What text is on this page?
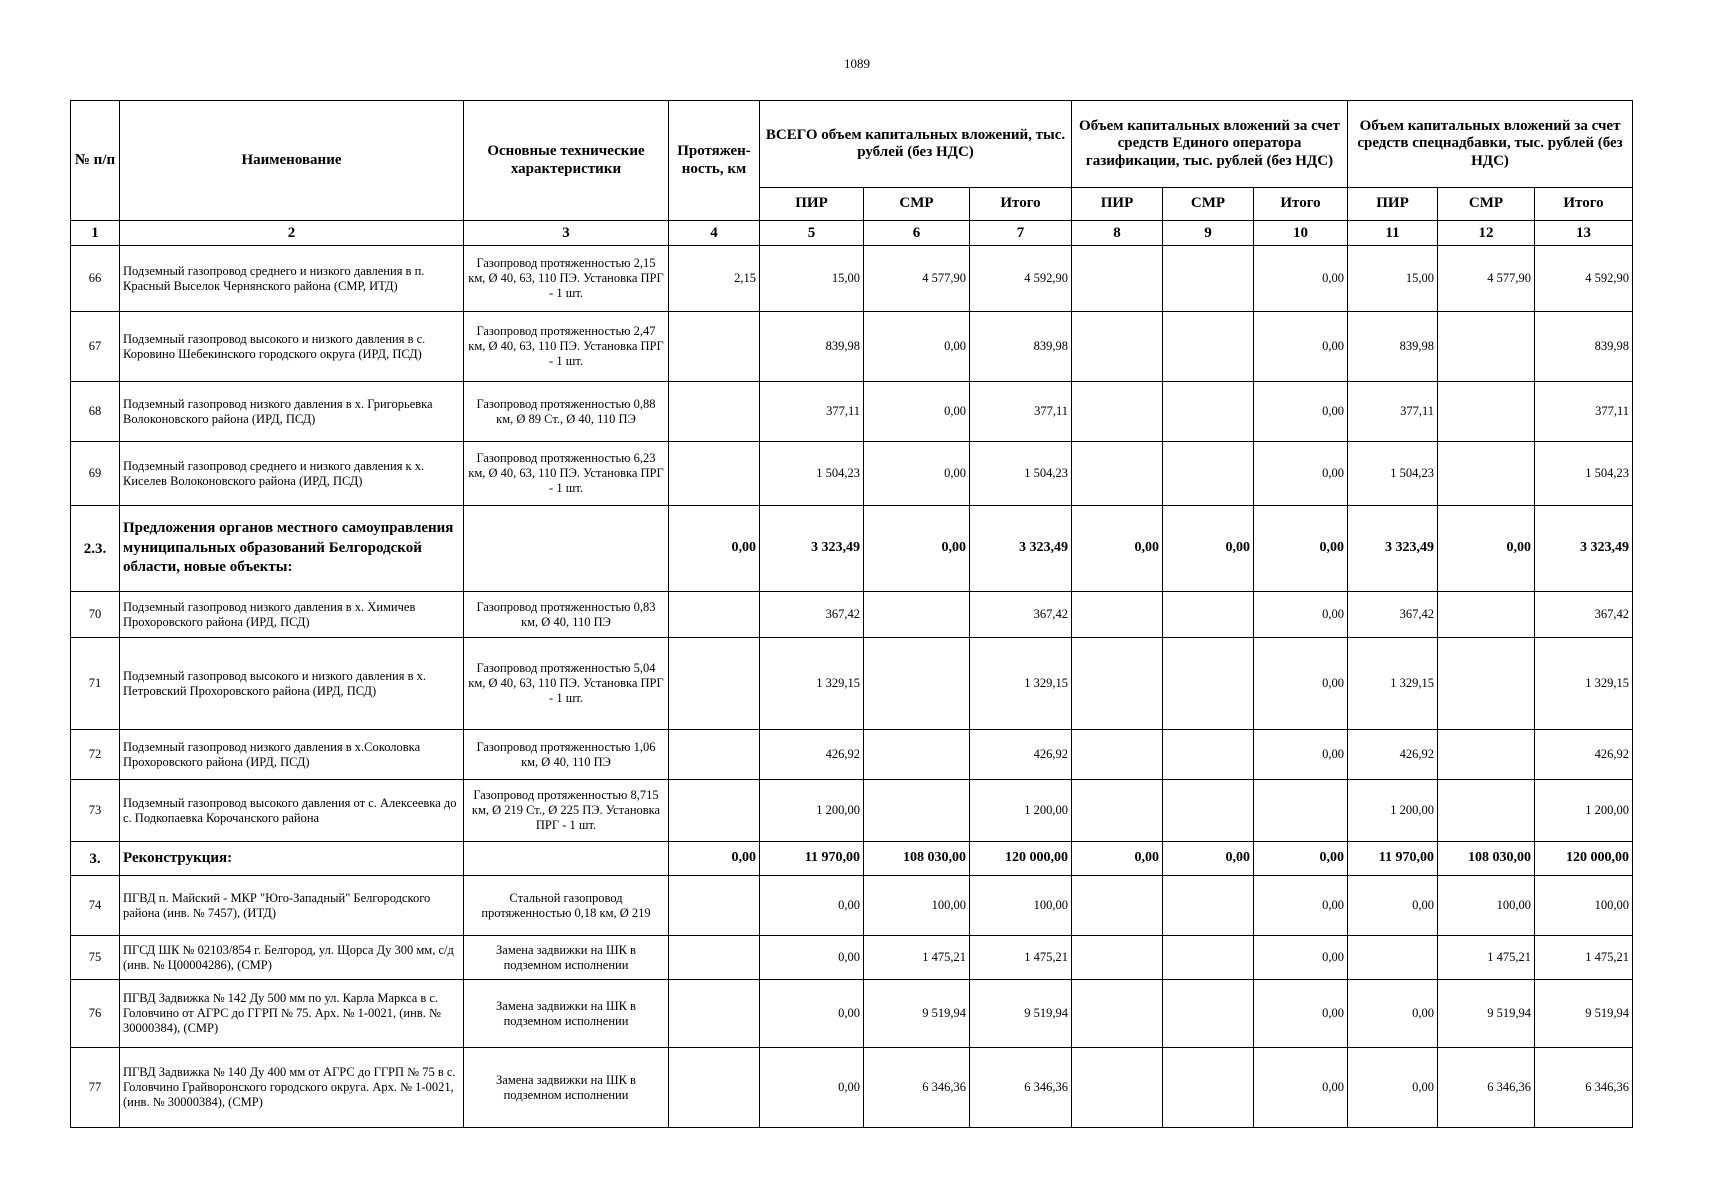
1089
№ п/п	Наименование	Основные технические характеристики	Протяжен-ность, км	ВСЕГО объем капитальных вложений, тыс. рублей (без НДС)			Объем капитальных вложений за счет средств Единого оператора газификации, тыс. рублей (без НДС)			Объем капитальных вложений за счет средств спецнадбавки, тыс. рублей (без НДС)		
				ПИР	СМР	Итого	ПИР	СМР	Итого	ПИР	СМР	Итого
1	2	3	4	5	6	7	8	9	10	11	12	13
66	Подземный газопровод среднего и низкого давления в п. Красный Выселок Чернянского района (СМР, ИТД)	Газопровод протяженностью 2,15 км, Ø 40, 63, 110 ПЭ. Установка ПРГ - 1 шт.	2,15	15,00	4 577,90	4 592,90			0,00	15,00	4 577,90	4 592,90
67	Подземный газопровод высокого и низкого давления в с. Коровино Шебекинского городского округа (ИРД, ПСД)	Газопровод протяженностью 2,47 км, Ø 40, 63, 110 ПЭ. Установка ПРГ - 1 шт.		839,98	0,00	839,98			0,00	839,98		839,98
68	Подземный газопровод низкого давления в х. Григорьевка Волоконовского района (ИРД, ПСД)	Газопровод протяженностью 0,88 км, Ø 89 Ст., Ø 40, 110 ПЭ		377,11	0,00	377,11			0,00	377,11		377,11
69	Подземный газопровод среднего и низкого давления к х. Киселев Волоконовского района (ИРД, ПСД)	Газопровод протяженностью 6,23 км, Ø 40, 63, 110 ПЭ. Установка ПРГ - 1 шт.		1 504,23	0,00	1 504,23			0,00	1 504,23		1 504,23
2.3.	Предложения органов местного самоуправления муниципальных образований Белгородской области, новые объекты:		0,00	3 323,49	0,00	3 323,49	0,00	0,00	0,00	3 323,49	0,00	3 323,49
70	Подземный газопровод низкого давления в х. Химичев Прохоровского района (ИРД, ПСД)	Газопровод протяженностью 0,83 км, Ø 40, 110 ПЭ		367,42		367,42			0,00	367,42		367,42
71	Подземный газопровод высокого и низкого давления в х. Петровский Прохоровского района (ИРД, ПСД)	Газопровод протяженностью 5,04 км, Ø 40, 63, 110 ПЭ. Установка ПРГ - 1 шт.		1 329,15		1 329,15			0,00	1 329,15		1 329,15
72	Подземный газопровод низкого давления в х.Соколовка Прохоровского района (ИРД, ПСД)	Газопровод протяженностью 1,06 км, Ø 40, 110 ПЭ		426,92		426,92			0,00	426,92		426,92
73	Подземный газопровод высокого давления от с. Алексеевка до с. Подкопаевка Корочанского района	Газопровод протяженностью 8,715 км, Ø 219 Ст., Ø 225 ПЭ. Установка ПРГ - 1 шт.		1 200,00		1 200,00				1 200,00		1 200,00
3.	Реконструкция:		0,00	11 970,00	108 030,00	120 000,00	0,00	0,00	0,00	11 970,00	108 030,00	120 000,00
74	ПГВД п. Майский - МКР "Юго-Западный" Белгородского района (инв. № 7457), (ИТД)	Стальной газопровод протяженностью 0,18 км, Ø 219		0,00	100,00	100,00			0,00	0,00	100,00	100,00
75	ПГСД ШК № 02103/854 г. Белгород, ул. Щорса Ду 300 мм, с/д (инв. № Ц00004286), (СМР)	Замена задвижки на ШК в подземном исполнении		0,00	1 475,21	1 475,21			0,00		1 475,21	1 475,21
76	ПГВД Задвижка № 142 Ду 500 мм по ул. Карла Маркса в с. Головчино от АГРС до ГГРП № 75. Арх. № 1-0021, (инв. № 30000384), (СМР)	Замена задвижки на ШК в подземном исполнении		0,00	9 519,94	9 519,94			0,00	0,00	9 519,94	9 519,94
77	ПГВД Задвижка № 140 Ду 400 мм от АГРС до ГГРП № 75 в с. Головчино Грайворонского городского округа. Арх. № 1-0021, (инв. № 30000384), (СМР)	Замена задвижки на ШК в подземном исполнении		0,00	6 346,36	6 346,36			0,00	0,00	6 346,36	6 346,36
